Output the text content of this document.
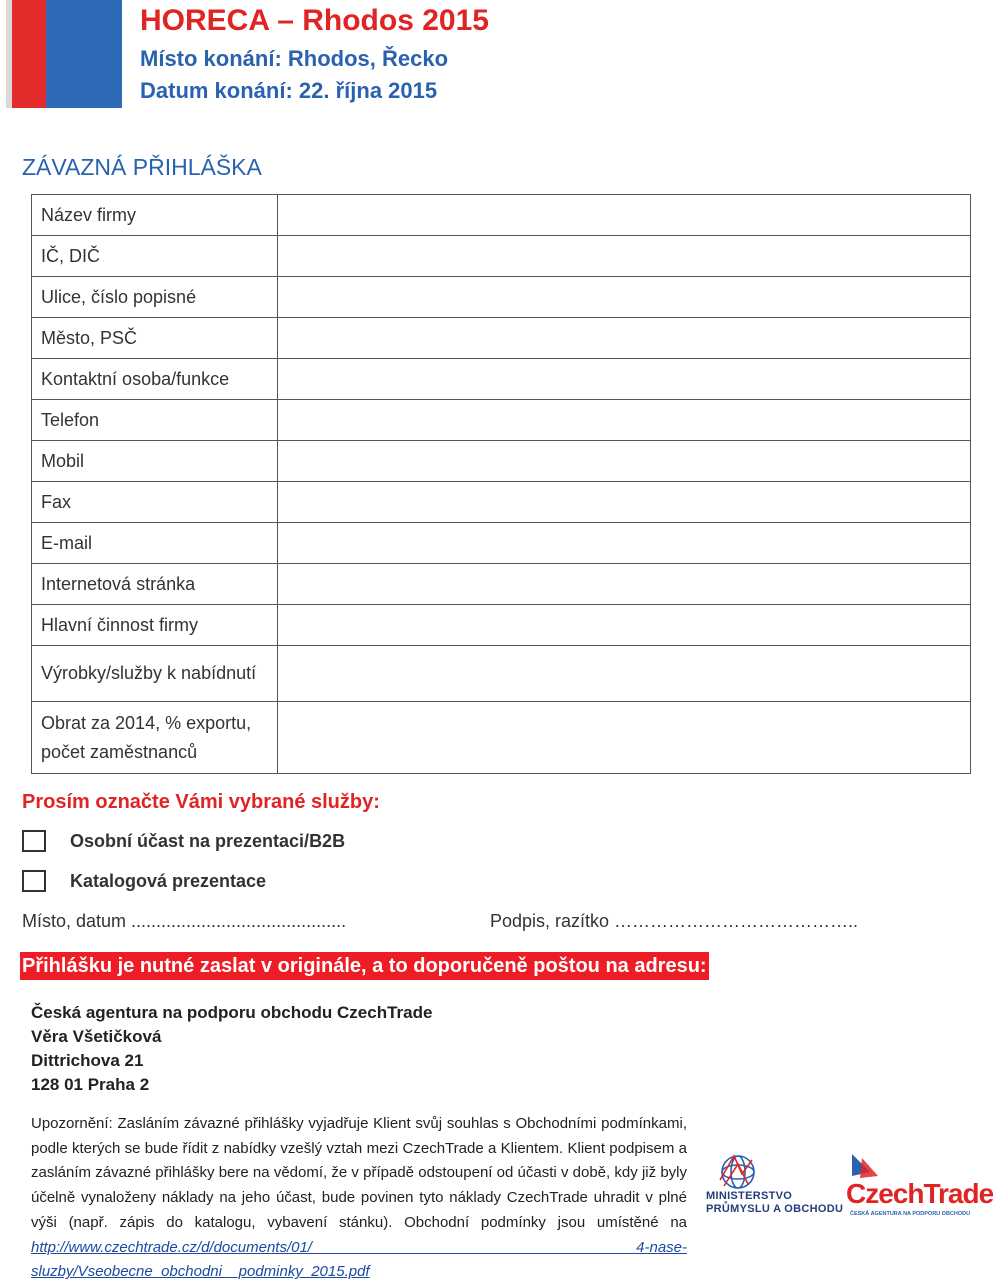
HORECA – Rhodos 2015
Místo konání: Rhodos, Řecko
Datum konání: 22. října 2015
ZÁVAZNÁ PŘIHLÁŠKA
Název firmy	
IČ, DIČ	
Ulice, číslo popisné	
Město, PSČ	
Kontaktní osoba/funkce	
Telefon	
Mobil	
Fax	
E-mail	
Internetová stránka	
Hlavní činnost firmy	
Výrobky/služby k nabídnutí	
Obrat za 2014, % exportu,
počet zaměstnanců	
Prosím označte Vámi vybrané služby:
Osobní účast na prezentaci/B2B
Katalogová prezentace
Místo, datum ...........................................	Podpis, razítko …………………………………..
Přihlášku je nutné zaslat v originále, a to doporučeně poštou na adresu:
Česká agentura na podporu obchodu CzechTrade
Věra Všetičková
Dittrichova 21
128 01 Praha 2
Upozornění: Zasláním závazné přihlášky vyjadřuje Klient svůj souhlas s Obchodními podmínkami, podle kterých se bude řídit z nabídky vzešlý vztah mezi CzechTrade a Klientem. Klient podpisem a zasláním závazné přihlášky bere na vědomí, že v případě odstoupení od účasti v době, kdy již byly účelně vynaloženy náklady na jeho účast, bude povinen tyto náklady CzechTrade uhradit v plné výši (např. zápis do katalogu, vybavení stánku). Obchodní podmínky jsou umístěné na http://www.czechtrade.cz/d/documents/01/ 4-nase-sluzby/Vseobecne_obchodni__podminky_2015.pdf
MINISTERSTVO
PRŮMYSLU A OBCHODU CzechTrade
ČESKÁ AGENTURA NA PODPORU OBCHODU
